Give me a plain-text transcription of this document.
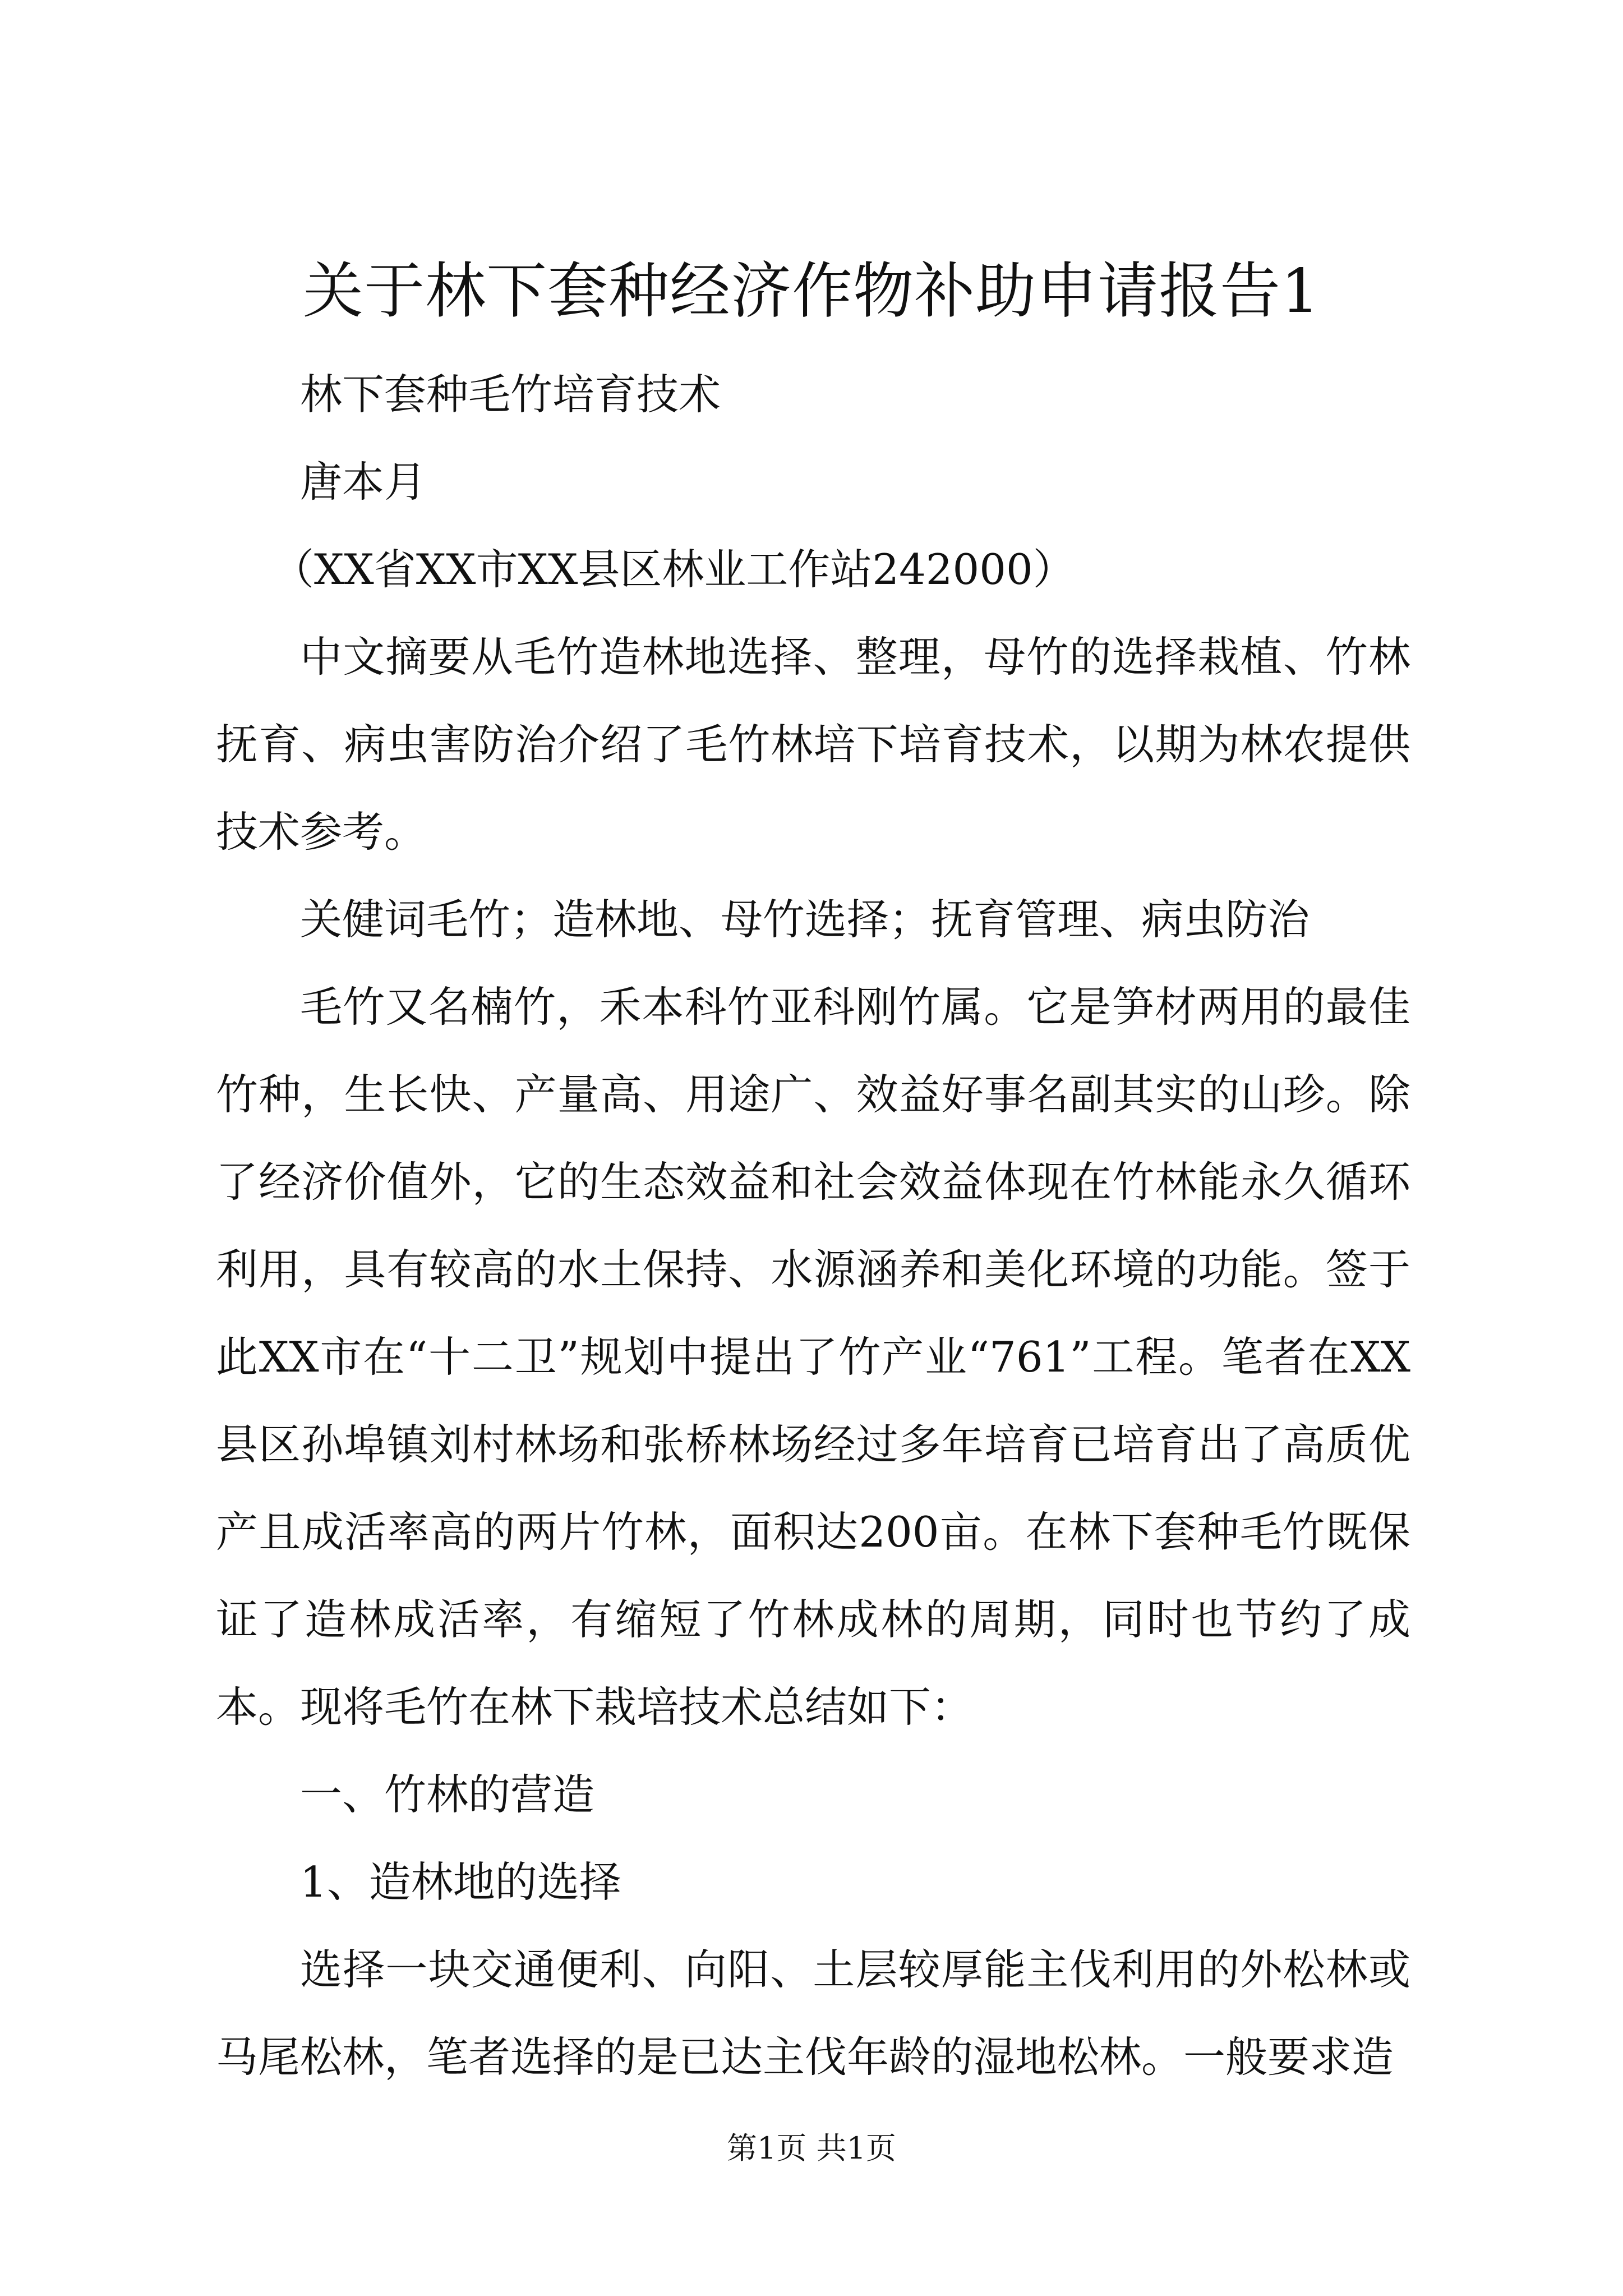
关于林下套种经济作物补助申请报告1

林下套种毛竹培育技术

唐本月

（XX省XX市XX县区林业工作站242000）

中文摘要从毛竹造林地选择、整理，母竹的选择栽植、竹林抚育、病虫害防治介绍了毛竹林培下培育技术，以期为林农提供技术参考。

关健词毛竹；造林地、母竹选择；抚育管理、病虫防治

毛竹又名楠竹，禾本科竹亚科刚竹属。它是笋材两用的最佳竹种，生长快、产量高、用途广、效益好事名副其实的山珍。除了经济价值外，它的生态效益和社会效益体现在竹林能永久循环利用，具有较高的水土保持、水源涵养和美化环境的功能。签于此XX市在“十二卫”规划中提出了竹产业“761”工程。笔者在XX县区孙埠镇刘村林场和张桥林场经过多年培育已培育出了高质优产且成活率高的两片竹林，面积达200亩。在林下套种毛竹既保证了造林成活率，有缩短了竹林成林的周期，同时也节约了成本。现将毛竹在林下栽培技术总结如下：

一、竹林的营造

1、造林地的选择

选择一块交通便利、向阳、土层较厚能主伐利用的外松林或马尾松林，笔者选择的是已达主伐年龄的湿地松林。一般要求造

第1页 共1页
